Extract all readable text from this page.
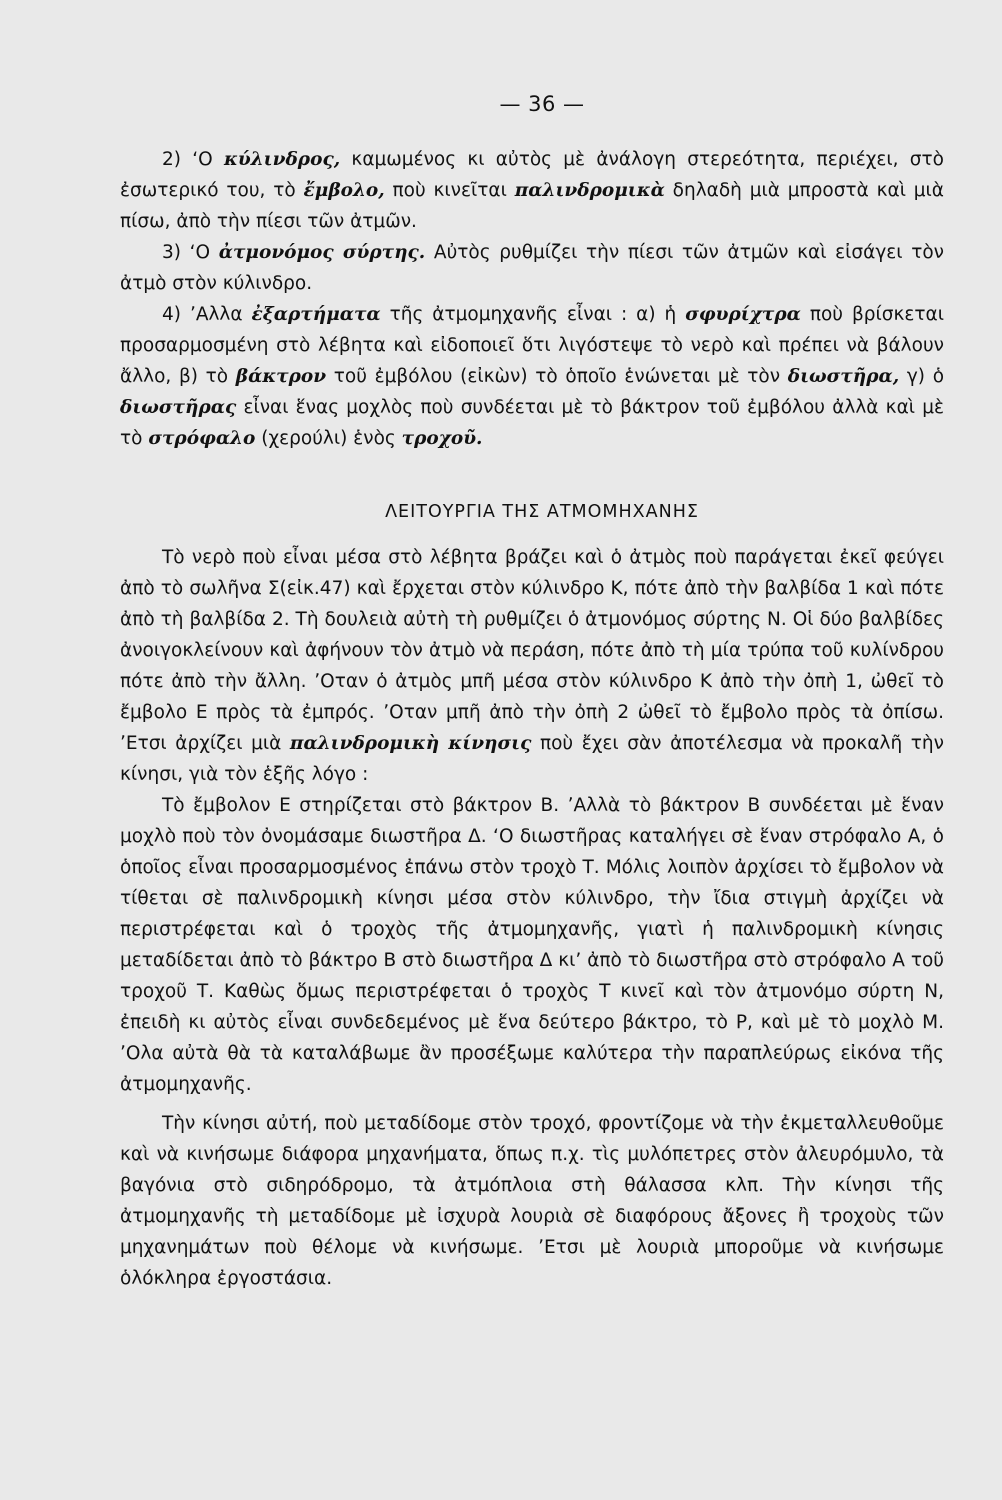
— 36 —

2) ‘Ο κύλινδρος, καμωμένος κι αὐτὸς μὲ ἀνάλογη στερεότητα, περιέχει, στὸ ἐσωτερικό του, τὸ ἔμβολο, ποὺ κινεῖται παλινδρομικὰ δηλαδὴ μιὰ μπροστὰ καὶ μιὰ πίσω, ἀπὸ τὴν πίεσι τῶν ἀτμῶν.

3) ‘Ο ἀτμονόμος σύρτης. Αὐτὸς ρυθμίζει τὴν πίεσι τῶν ἀτμῶν καὶ εἰσάγει τὸν ἀτμὸ στὸν κύλινδρο.

4) ʼΑλλα ἐξαρτήματα τῆς ἀτμομηχανῆς εἶναι : α) ἡ σφυρίχτρα ποὺ βρίσκεται προσαρμοσμένη στὸ λέβητα καὶ εἰδοποιεῖ ὅτι λιγόστεψε τὸ νερὸ καὶ πρέπει νὰ βάλουν ἄλλο, β) τὸ βάκτρον τοῦ ἐμβόλου (εἰκὼν) τὸ ὁποῖο ἑνώνεται μὲ τὸν διωστῆρα, γ) ὁ διωστῆρας εἶναι ἕνας μοχλὸς ποὺ συνδέεται μὲ τὸ βάκτρον τοῦ ἐμβόλου ἀλλὰ καὶ μὲ τὸ στρόφαλο (χερούλι) ἑνὸς τροχοῦ.

ΛΕΙΤΟΥΡΓΙΑ ΤΗΣ ΑΤΜΟΜΗΧΑΝΗΣ

Τὸ νερὸ ποὺ εἶναι μέσα στὸ λέβητα βράζει καὶ ὁ ἀτμὸς ποὺ παράγεται ἐκεῖ φεύγει ἀπὸ τὸ σωλῆνα Σ(εἰκ.47) καὶ ἔρχεται στὸν κύλινδρο Κ, πότε ἀπὸ τὴν βαλβίδα 1 καὶ πότε ἀπὸ τὴ βαλβίδα 2. Τὴ δουλειὰ αὐτὴ τὴ ρυθμίζει ὁ ἀτμονόμος σύρτης Ν. Οἱ δύο βαλβίδες ἀνοιγοκλείνουν καὶ ἀφήνουν τὸν ἀτμὸ νὰ περάση, πότε ἀπὸ τὴ μία τρύπα τοῦ κυλίνδρου πότε ἀπὸ τὴν ἄλλη. ʼΟταν ὁ ἀτμὸς μπῆ μέσα στὸν κύλινδρο Κ ἀπὸ τὴν ὀπὴ 1, ὠθεῖ τὸ ἔμβολο Ε πρὸς τὰ ἐμπρός. ʼΟταν μπῆ ἀπὸ τὴν ὀπὴ 2 ὠθεῖ τὸ ἔμβολο πρὸς τὰ ὀπίσω. ʼΕτσι ἀρχίζει μιὰ παλινδρομικὴ κίνησις ποὺ ἔχει σὰν ἀποτέλεσμα νὰ προκαλῆ τὴν κίνησι, γιὰ τὸν ἑξῆς λόγο :

Τὸ ἔμβολον Ε στηρίζεται στὸ βάκτρον Β. ʼΑλλὰ τὸ βάκτρον Β συνδέεται μὲ ἕναν μοχλὸ ποὺ τὸν ὀνομάσαμε διωστῆρα Δ. ‘Ο διωστῆρας καταλήγει σὲ ἕναν στρόφαλο Α, ὁ ὁποῖος εἶναι προσαρμοσμένος ἐπάνω στὸν τροχὸ Τ. Μόλις λοιπὸν ἀρχίσει τὸ ἔμβολον νὰ τίθεται σὲ παλινδρομικὴ κίνησι μέσα στὸν κύλινδρο, τὴν ἴδια στιγμὴ ἀρχίζει νὰ περιστρέφεται καὶ ὁ τροχὸς τῆς ἀτμομηχανῆς, γιατὶ ἡ παλινδρομικὴ κίνησις μεταδίδεται ἀπὸ τὸ βάκτρο Β στὸ διωστῆρα Δ κι’ ἀπὸ τὸ διωστῆρα στὸ στρόφαλο Α τοῦ τροχοῦ Τ. Καθὼς ὅμως περιστρέφεται ὁ τροχὸς Τ κινεῖ καὶ τὸν ἀτμονόμο σύρτη Ν, ἐπειδὴ κι αὐτὸς εἶναι συνδεδεμένος μὲ ἕνα δεύτερο βάκτρο, τὸ Ρ, καὶ μὲ τὸ μοχλὸ Μ. ʼΟλα αὐτὰ θὰ τὰ καταλάβωμε ἂν προσέξωμε καλύτερα τὴν παραπλεύρως εἰκόνα τῆς ἀτμομηχανῆς.

Τὴν κίνησι αὐτή, ποὺ μεταδίδομε στὸν τροχό, φροντίζομε νὰ τὴν ἐκμεταλλευθοῦμε καὶ νὰ κινήσωμε διάφορα μηχανήματα, ὅπως π.χ. τὶς μυλόπετρες στὸν ἀλευρόμυλο, τὰ βαγόνια στὸ σιδηρόδρομο, τὰ ἀτμόπλοια στὴ θάλασσα κλπ. Τὴν κίνησι τῆς ἀτμομηχανῆς τὴ μεταδίδομε μὲ ἰσχυρὰ λουριὰ σὲ διαφόρους ἄξονες ἢ τροχοὺς τῶν μηχανημάτων ποὺ θέλομε νὰ κινήσωμε. ʼΕτσι μὲ λουριὰ μποροῦμε νὰ κινήσωμε ὁλόκληρα ἐργοστάσια.
